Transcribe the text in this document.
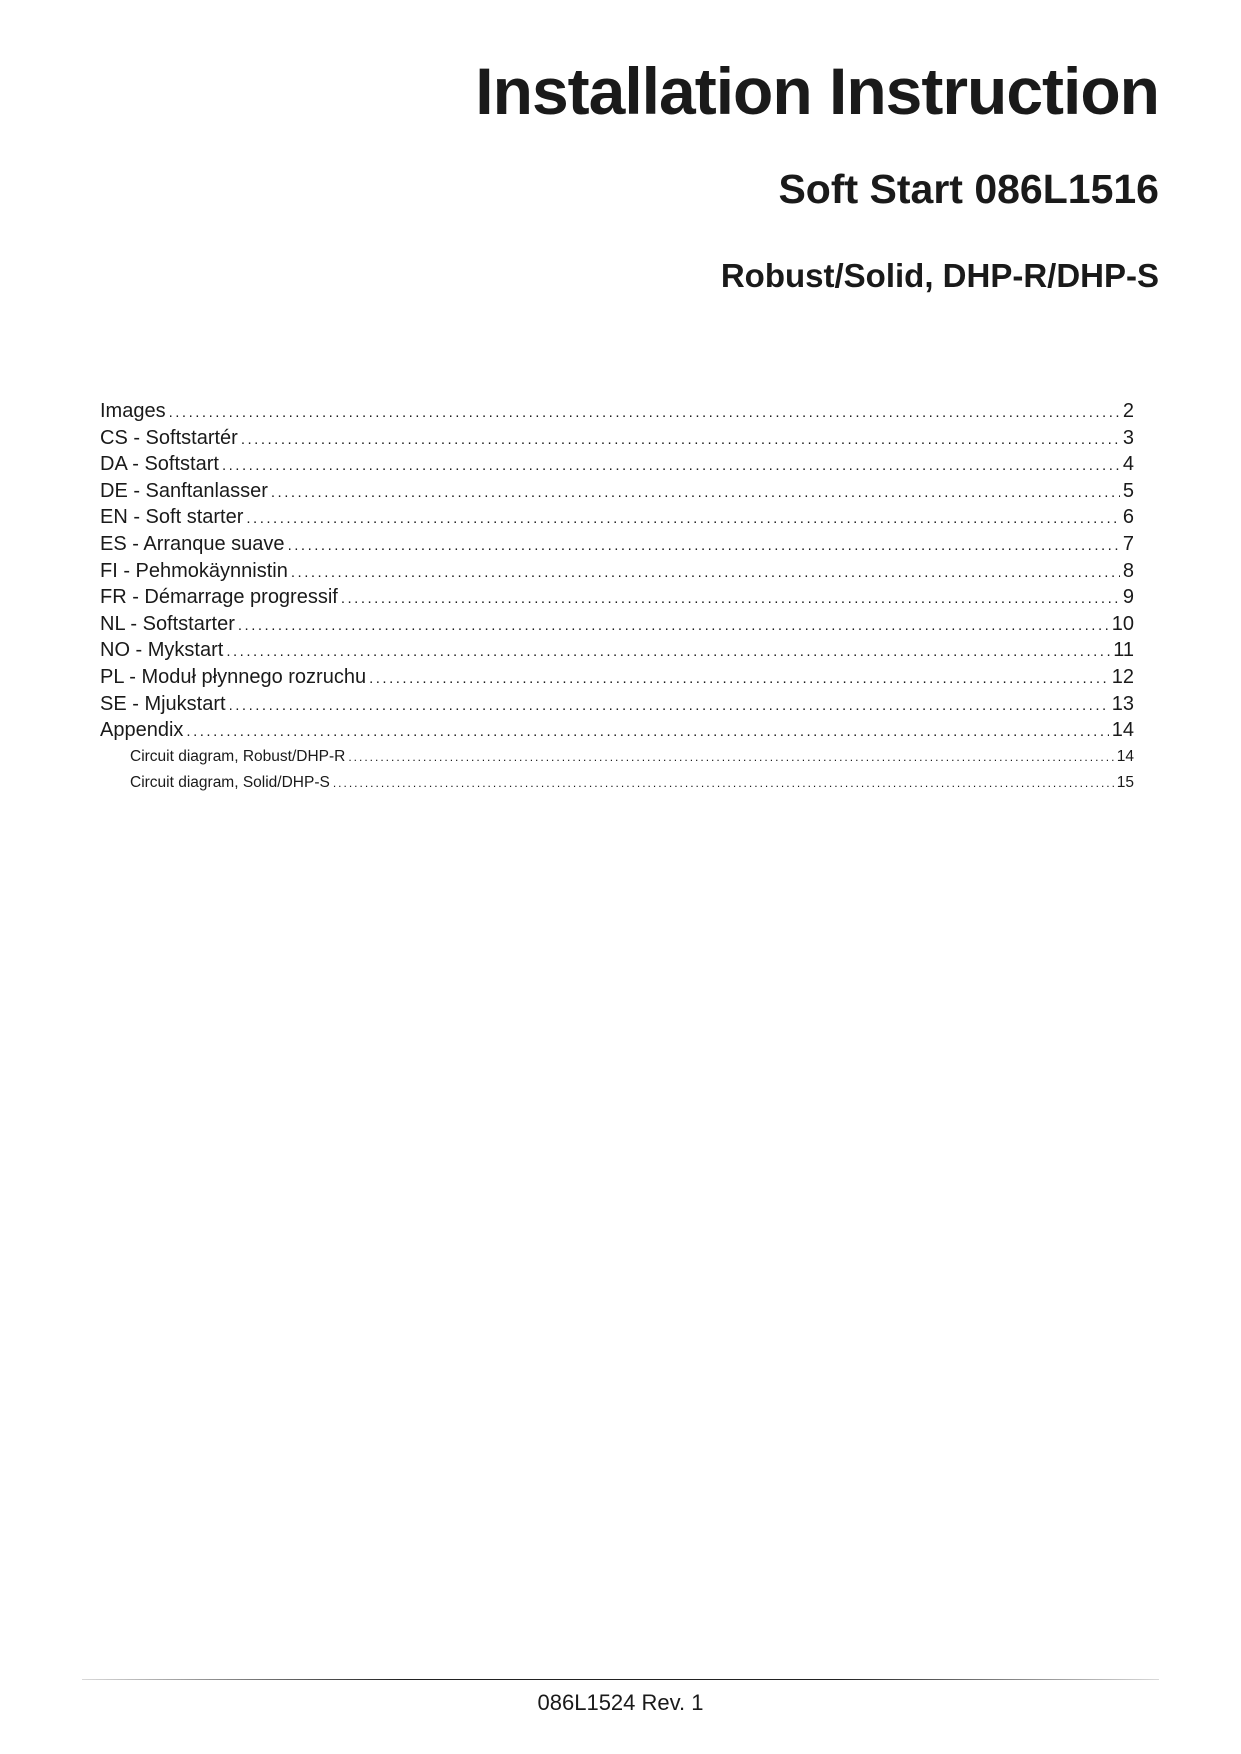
Installation Instruction
Soft Start 086L1516
Robust/Solid, DHP-R/DHP-S
Images .....	2
CS - Softstartér .....	3
DA - Softstart .....	4
DE - Sanftanlasser .....	5
EN - Soft starter .....	6
ES - Arranque suave .....	7
FI - Pehmokäynnistin .....	8
FR - Démarrage progressif .....	9
NL - Softstarter .....	10
NO - Mykstart .....	11
PL - Moduł płynnego rozruchu .....	12
SE - Mjukstart .....	13
Appendix .....	14
Circuit diagram, Robust/DHP-R .....	14
Circuit diagram, Solid/DHP-S .....	15
086L1524 Rev. 1
